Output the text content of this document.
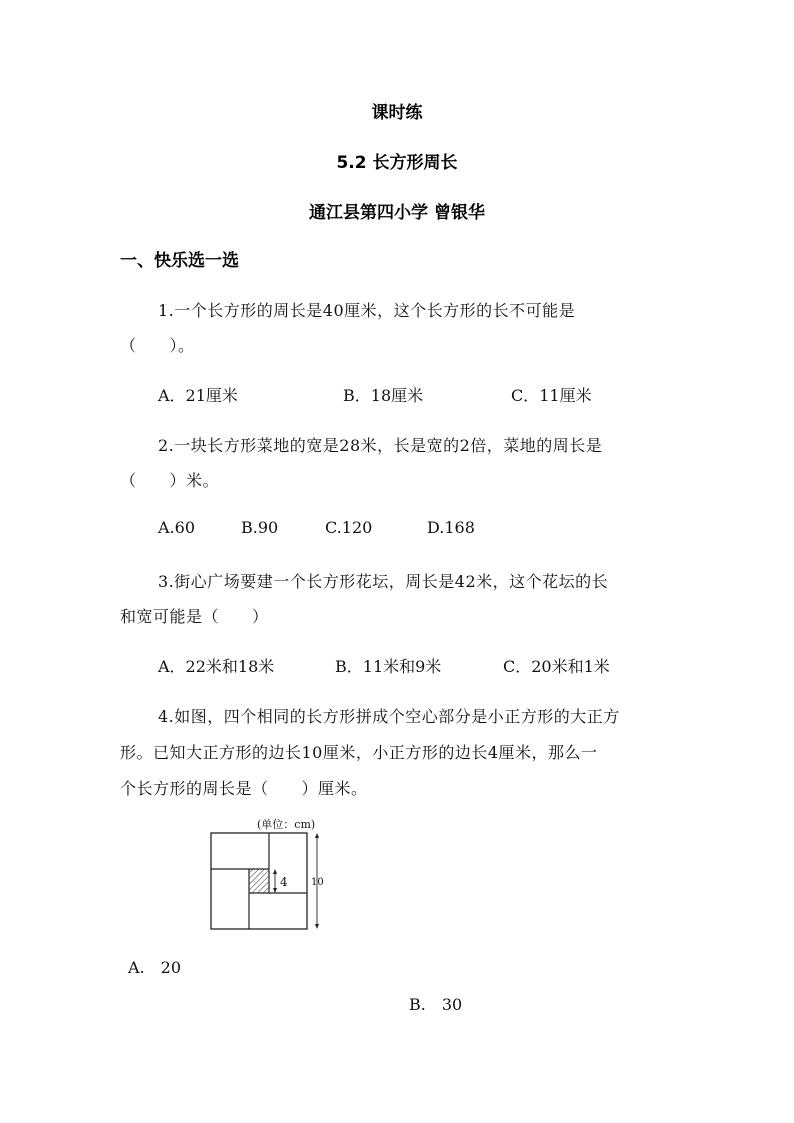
课时练
5.2 长方形周长
通江县第四小学 曾银华
一、快乐选一选
1.一个长方形的周长是40厘米，这个长方形的长不可能是
（　　）。
A．21厘米	B．18厘米	C．11厘米
2.一块长方形菜地的宽是28米，长是宽的2倍，菜地的周长是
（　　）米。
A.60	B.90	C.120	D.168
3.街心广场要建一个长方形花坛，周长是42米，这个花坛的长
和宽可能是（　　）
A．22米和18米	B．11米和9米	C．20米和1米
4.如图，四个相同的长方形拼成个空心部分是小正方形的大正方
形。已知大正方形的边长10厘米，小正方形的边长4厘米，那么一
个长方形的周长是（　　）厘米。
(单位：cm)
4 10
A.　20
B.　30
